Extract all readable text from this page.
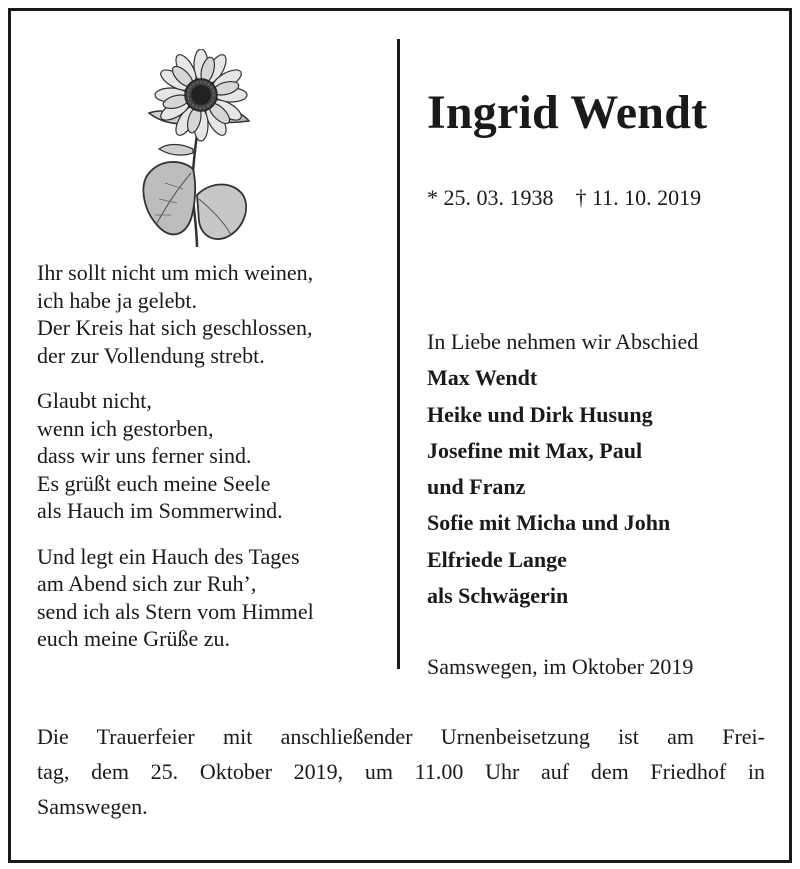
Ihr sollt nicht um mich weinen,
ich habe ja gelebt.
Der Kreis hat sich geschlossen,
der zur Vollendung strebt.
Glaubt nicht,
wenn ich gestorben,
dass wir uns ferner sind.
Es grüßt euch meine Seele
als Hauch im Sommerwind.
Und legt ein Hauch des Tages
am Abend sich zur Ruh’,
send ich als Stern vom Himmel
euch meine Grüße zu.
Ingrid Wendt
* 25. 03. 1938 † 11. 10. 2019
In Liebe nehmen wir Abschied
Max Wendt
Heike und Dirk Husung
Josefine mit Max, Paul
und Franz
Sofie mit Micha und John
Elfriede Lange
als Schwägerin
Samswegen, im Oktober 2019
Die Trauerfeier mit anschließender Urnenbeisetzung ist am Frei-
tag, dem 25. Oktober 2019, um 11.00 Uhr auf dem Friedhof in
Samswegen.
